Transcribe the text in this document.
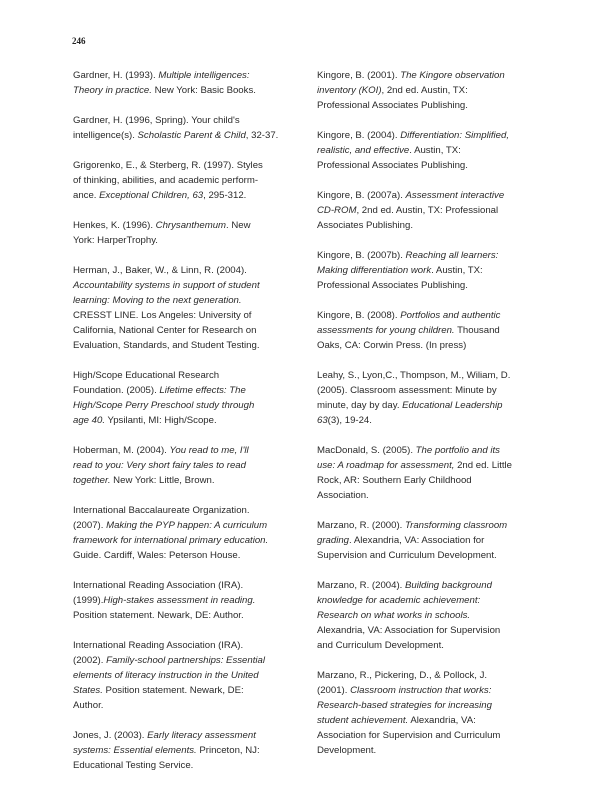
246

Gardner, H. (1993). Multiple intelligences:
Theory in practice. New York: Basic Books.

Gardner, H. (1996, Spring). Your child's
intelligence(s). Scholastic Parent & Child, 32-37.

Grigorenko, E., & Sterberg, R. (1997). Styles
of thinking, abilities, and academic perform-
ance. Exceptional Children, 63, 295-312.

Henkes, K. (1996). Chrysanthemum. New
York: HarperTrophy.

Herman, J., Baker, W., & Linn, R. (2004).
Accountability systems in support of student
learning: Moving to the next generation.
CRESST LINE. Los Angeles: University of
California, National Center for Research on
Evaluation, Standards, and Student Testing.

High/Scope Educational Research
Foundation. (2005). Lifetime effects: The
High/Scope Perry Preschool study through
age 40. Ypsilanti, MI: High/Scope.

Hoberman, M. (2004). You read to me, I'll
read to you: Very short fairy tales to read
together. New York: Little, Brown.

International Baccalaureate Organization.
(2007). Making the PYP happen: A curriculum
framework for international primary education.
Guide. Cardiff, Wales: Peterson House.

International Reading Association (IRA).
(1999).High-stakes assessment in reading.
Position statement. Newark, DE: Author.

International Reading Association (IRA).
(2002). Family-school partnerships: Essential
elements of literacy instruction in the United
States. Position statement. Newark, DE:
Author.

Jones, J. (2003). Early literacy assessment
systems: Essential elements. Princeton, NJ:
Educational Testing Service.

Kingore, B. (2001). The Kingore observation
inventory (KOI), 2nd ed. Austin, TX:
Professional Associates Publishing.

Kingore, B. (2004). Differentiation: Simplified,
realistic, and effective. Austin, TX:
Professional Associates Publishing.

Kingore, B. (2007a). Assessment interactive
CD-ROM, 2nd ed. Austin, TX: Professional
Associates Publishing.

Kingore, B. (2007b). Reaching all learners:
Making differentiation work. Austin, TX:
Professional Associates Publishing.

Kingore, B. (2008). Portfolios and authentic
assessments for young children. Thousand
Oaks, CA: Corwin Press. (In press)

Leahy, S., Lyon,C., Thompson, M., Wiliam, D.
(2005). Classroom assessment: Minute by
minute, day by day. Educational Leadership
63(3), 19-24.

MacDonald, S. (2005). The portfolio and its
use: A roadmap for assessment, 2nd ed. Little
Rock, AR: Southern Early Childhood
Association.

Marzano, R. (2000). Transforming classroom
grading. Alexandria, VA: Association for
Supervision and Curriculum Development.

Marzano, R. (2004). Building background
knowledge for academic achievement:
Research on what works in schools.
Alexandria, VA: Association for Supervision
and Curriculum Development.

Marzano, R., Pickering, D., & Pollock, J.
(2001). Classroom instruction that works:
Research-based strategies for increasing
student achievement. Alexandria, VA:
Association for Supervision and Curriculum
Development.
